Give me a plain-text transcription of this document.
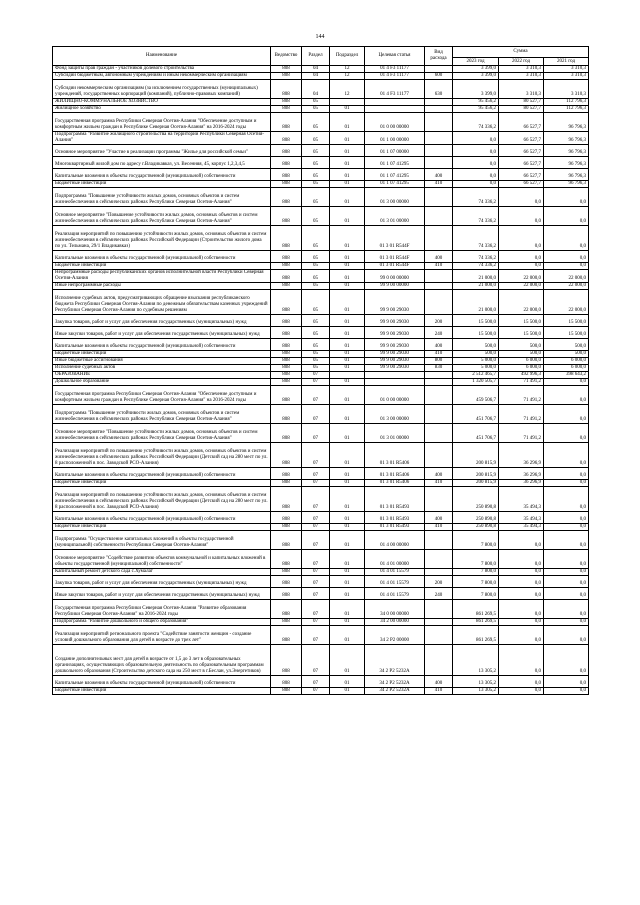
144
Наименование	Ведомство	Раздел	Подраздел	Целевая статья	Вид расхода	Сумма		
						2023 год	2022 год	2021 год
Фонд защиты прав граждан - участников долевого строительства	808	04	12	01 4 F3 11177		3 399,0	3 310,3	3 310,3
Субсидии бюджетным, автономным учреждениям и иным некоммерческим организациям	808	04	12	01 4 F3 11177	600	3 399,0	3 310,3	3 310,3
Субсидии некоммерческим организациям (за исключением государственных (муниципальных) учреждений, государственных корпораций (компаний), публично-правовых компаний)	808	04	12	01 4 F3 11177	630	3 399,0	3 310,3	3 310,3
ЖИЛИЩНО-КОММУНАЛЬНОЕ ХОЗЯЙСТВО	808	05				95 456,2	80 527,7	112 796,3
Жилищное хозяйство	808	05	01			95 456,2	80 527,7	112 796,3
Государственная программа Республики Северная Осетия-Алания "Обеспечение доступным и комфортным жильем граждан в Республике Северная Осетия-Алания" на 2016-2024 годы	808	05	01	01 0 00 00000		74 336,2	66 527,7	96 796,3
Подпрограмма "Развитие жилищного строительства на территории Республики Северная Осетия-Алания"	808	05	01	01 1 00 00000		0,0	66 527,7	96 796,3
Основное мероприятие "Участие в реализации программы "Жилье для российской семьи"	808	05	01	01 1 07 00000		0,0	66 527,7	96 796,3
Многоквартирный жилой дом по адресу г.Владикавказ, ул. Весенняя, 45, корпус 1,2,3,4,5	808	05	01	01 1 07 41295		0,0	66 527,7	96 796,3
Капитальные вложения в объекты государственной (муниципальной) собственности	808	05	01	01 1 07 41295	400	0,0	66 527,7	96 796,3
Бюджетные инвестиции	808	05	01	01 1 07 41295	410	0,0	66 527,7	96 796,3
Подпрограмма "Повышение устойчивости жилых домов, основных объектов и систем жизнеобеспечения в сейсмических районах Республики Северная Осетия-Алания"	808	05	01	01 3 00 00000		74 336,2	0,0	0,0
Основное мероприятие "Повышение устойчивости жилых домов, основных объектов и систем жизнеобеспечения в сейсмических районах Республики Северная Осетия-Алания"	808	05	01	01 3 01 00000		74 336,2	0,0	0,0
Реализация мероприятий по повышению устойчивости жилых домов, основных объектов и систем жизнеобеспечения в сейсмических районах Российской Федерации (Строительство жилого дома по ул. Тельмана, 29/1 Владикавказ)	808	05	01	01 3 01 R544F		74 336,2	0,0	0,0
Капитальные вложения в объекты государственной (муниципальной) собственности	808	05	01	01 3 01 R544F	400	74 336,2	0,0	0,0
Бюджетные инвестиции	808	05	01	01 3 01 R544F	410	74 336,2	0,0	0,0
Непрограммные расходы республиканских органов исполнительной власти Республики Северная Осетия-Алания	808	05	01	99 0 00 00000		21 000,0	22 000,0	22 000,0
Иные непрограммные расходы	808	05	01	99 9 00 00000		21 000,0	22 000,0	22 000,0
Исполнение судебных актов, предусматривающих обращение взыскания республиканского бюджета Республики Северная Осетия-Алания по денежным обязательствам казенных учреждений Республики Северная Осетия-Алания по судебным решениям	808	05	01	99 9 00 29030		21 000,0	22 000,0	22 000,0
Закупка товаров, работ и услуг для обеспечения государственных (муниципальных) нужд	808	05	01	99 9 00 29030	200	15 500,0	15 500,0	15 500,0
Иные закупки товаров, работ и услуг для обеспечения государственных (муниципальных) нужд	808	05	01	99 9 00 29030	240	15 500,0	15 500,0	15 500,0
Капитальные вложения в объекты государственной (муниципальной) собственности	808	05	01	99 9 00 29030	400	500,0	500,0	500,0
Бюджетные инвестиции	808	05	01	99 9 00 29030	410	500,0	500,0	500,0
Иные бюджетные ассигнования	808	05	01	99 9 00 29030	800	5 000,0	6 000,0	6 000,0
Исполнение судебных актов	808	05	01	99 9 00 29030	830	5 000,0	6 000,0	6 000,0
ОБРАЗОВАНИЕ	808	07				2 512 465,7	492 996,3	398 643,2
Дошкольное образование	808	07	01			1 320 505,7	71 491,2	0,0
Государственная программа Республики Северная Осетия-Алания "Обеспечение доступным и комфортным жильем граждан в Республике Северная Осетия-Алания" на 2016-2024 годы	808	07	01	01 0 00 00000		459 506,7	71 491,2	0,0
Подпрограмма "Повышение устойчивости жилых домов, основных объектов и систем жизнеобеспечения в сейсмических районах Республики Северная Осетия-Алания"	808	07	01	01 3 00 00000		451 706,7	71 491,2	0,0
Основное мероприятие "Повышение устойчивости жилых домов, основных объектов и систем жизнеобеспечения в сейсмических районах Республики Северная Осетия-Алания"	808	07	01	01 3 01 00000		451 706,7	71 491,2	0,0
Реализация мероприятий по повышению устойчивости жилых домов, основных объектов и систем жизнеобеспечения в сейсмических районах Российской Федерации (Детский сад на 280 мест по ул. 8 расположенной в пос. Заводской РСО-Алания)	808	07	01	01 3 01 R5406		200 815,9	36 296,9	0,0
Капитальные вложения в объекты государственной (муниципальной) собственности	808	07	01	01 3 01 R5406	400	200 815,9	36 296,9	0,0
Бюджетные инвестиции	808	07	01	01 3 01 R5406	410	200 815,9	36 296,9	0,0
Реализация мероприятий по повышению устойчивости жилых домов, основных объектов и систем жизнеобеспечения в сейсмических районах Российской Федерации (Детский сад на 280 мест по ул. 8 расположенной в пос. Заводской РСО-Алания)	808	07	01	01 3 01 R5493		250 890,8	35 494,3	0,0
Капитальные вложения в объекты государственной (муниципальной) собственности	808	07	01	01 3 01 R5493	400	250 890,8	35 494,3	0,0
Бюджетные инвестиции	808	07	01	01 3 01 R5493	410	250 890,8	35 494,3	0,0
Подпрограмма "Осуществление капитальных вложений в объекты государственной (муниципальной) собственности Республики Северная Осетия-Алания"	808	07	01	01 4 00 00000		7 800,0	0,0	0,0
Основное мероприятие "Содействие развитию объектов коммунальной и капитальных вложений в объекты государственной (муниципальной) собственности"	808	07	01	01 4 01 00000		7 800,0	0,0	0,0
Капитальный ремонт детского сада с.Хумалаг	808	07	01	01 4 01 15579		7 800,0	0,0	0,0
Закупка товаров, работ и услуг для обеспечения государственных (муниципальных) нужд	808	07	01	01 4 01 15579	200	7 800,0	0,0	0,0
Иные закупки товаров, работ и услуг для обеспечения государственных (муниципальных) нужд	808	07	01	01 4 01 15579	240	7 800,0	0,0	0,0
Государственная программа Республики Северная Осетия-Алания "Развитие образования Республики Северная Осетия-Алания" на 2016-2024 годы	808	07	01	34 0 00 00000		861 269,5	0,0	0,0
Подпрограмма "Развитие дошкольного и общего образования"	808	07	01	34 2 00 00000		861 269,5	0,0	0,0
Реализация мероприятий регионального проекта "Содействие занятости женщин - создание условий дошкольного образования для детей в возрасте до трех лет"	808	07	01	34 2 P2 00000		861 269,5	0,0	0,0
Создание дополнительных мест для детей в возрасте от 1,5 до 3 лет в образовательных организациях, осуществляющих образовательную деятельность по образовательным программам дошкольного образования (Строительство детского сада на 250 мест в г.Беслан, ул.Энергетиков)	808	07	01	34 2 P2 5232A		13 305,2	0,0	0,0
Капитальные вложения в объекты государственной (муниципальной) собственности	808	07	01	34 2 P2 5232A	400	13 305,2	0,0	0,0
Бюджетные инвестиции	808	07	01	34 2 P2 5232A	410	13 305,2	0,0	0,0
